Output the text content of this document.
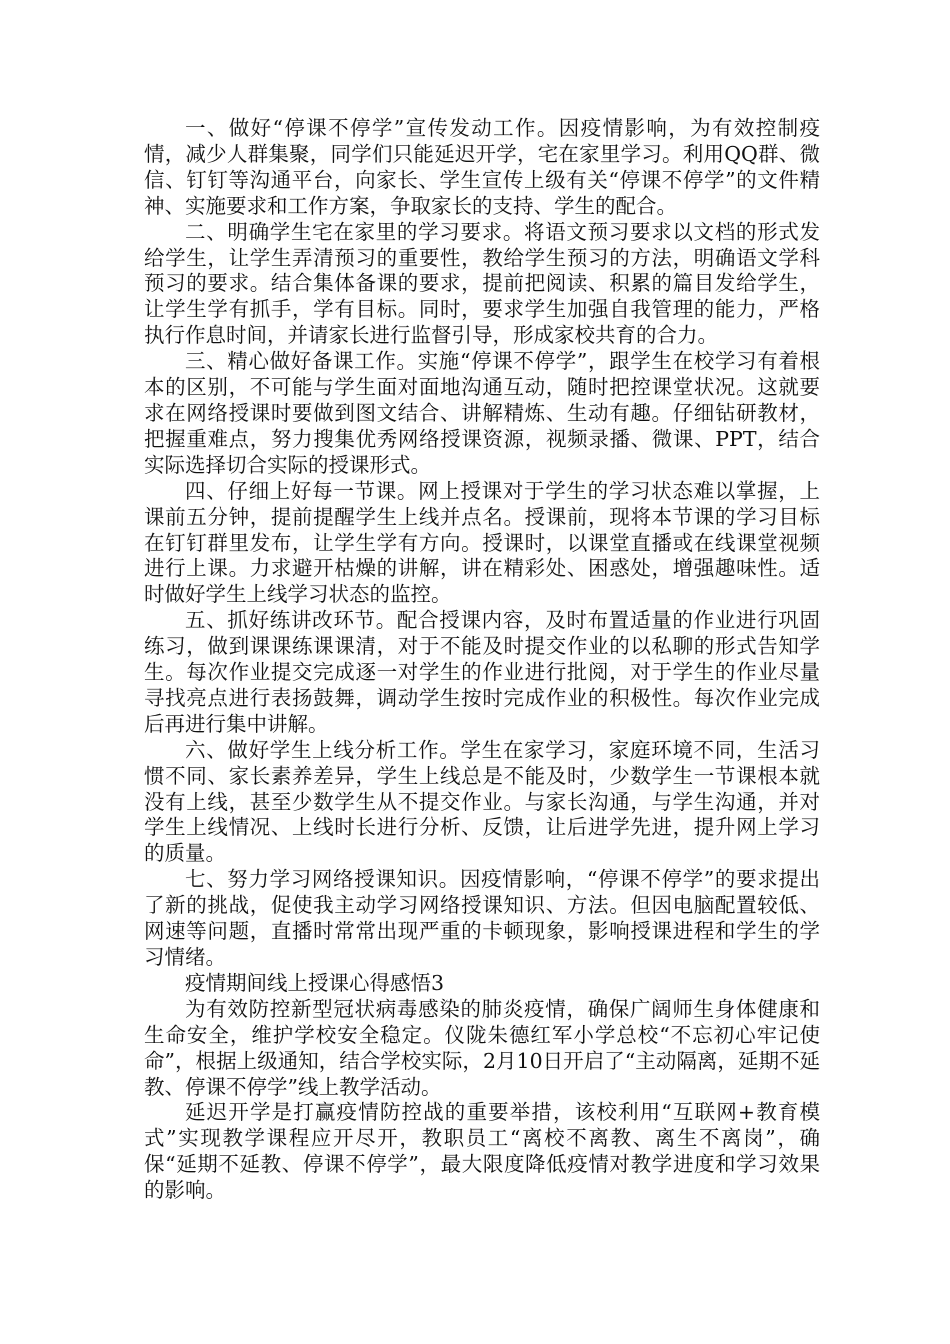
一、做好“停课不停学”宣传发动工作。因疫情影响，为有效控制疫情，减少人群集聚，同学们只能延迟开学，宅在家里学习。利用QQ群、微信、钉钉等沟通平台，向家长、学生宣传上级有关“停课不停学”的文件精神、实施要求和工作方案，争取家长的支持、学生的配合。

二、明确学生宅在家里的学习要求。将语文预习要求以文档的形式发给学生，让学生弄清预习的重要性，教给学生预习的方法，明确语文学科预习的要求。结合集体备课的要求，提前把阅读、积累的篇目发给学生，让学生学有抓手，学有目标。同时，要求学生加强自我管理的能力，严格执行作息时间，并请家长进行监督引导，形成家校共育的合力。

三、精心做好备课工作。实施“停课不停学”，跟学生在校学习有着根本的区别，不可能与学生面对面地沟通互动，随时把控课堂状况。这就要求在网络授课时要做到图文结合、讲解精炼、生动有趣。仔细钻研教材，把握重难点，努力搜集优秀网络授课资源，视频录播、微课、PPT，结合实际选择切合实际的授课形式。

四、仔细上好每一节课。网上授课对于学生的学习状态难以掌握，上课前五分钟，提前提醒学生上线并点名。授课前，现将本节课的学习目标在钉钉群里发布，让学生学有方向。授课时，以课堂直播或在线课堂视频进行上课。力求避开枯燥的讲解，讲在精彩处、困惑处，增强趣味性。适时做好学生上线学习状态的监控。

五、抓好练讲改环节。配合授课内容，及时布置适量的作业进行巩固练习，做到课课练课课清，对于不能及时提交作业的以私聊的形式告知学生。每次作业提交完成逐一对学生的作业进行批阅，对于学生的作业尽量寻找亮点进行表扬鼓舞，调动学生按时完成作业的积极性。每次作业完成后再进行集中讲解。

六、做好学生上线分析工作。学生在家学习，家庭环境不同，生活习惯不同、家长素养差异，学生上线总是不能及时，少数学生一节课根本就没有上线，甚至少数学生从不提交作业。与家长沟通，与学生沟通，并对学生上线情况、上线时长进行分析、反馈，让后进学先进，提升网上学习的质量。

七、努力学习网络授课知识。因疫情影响，“停课不停学”的要求提出了新的挑战，促使我主动学习网络授课知识、方法。但因电脑配置较低、网速等问题，直播时常常出现严重的卡顿现象，影响授课进程和学生的学习情绪。

疫情期间线上授课心得感悟3

为有效防控新型冠状病毒感染的肺炎疫情，确保广阔师生身体健康和生命安全，维护学校安全稳定。仪陇朱德红军小学总校“不忘初心牢记使命”，根据上级通知，结合学校实际，2月10日开启了“主动隔离，延期不延教、停课不停学”线上教学活动。

延迟开学是打赢疫情防控战的重要举措，该校利用“互联网+教育模式”实现教学课程应开尽开，教职员工“离校不离教、离生不离岗”，确保“延期不延教、停课不停学”，最大限度降低疫情对教学进度和学习效果的影响。
